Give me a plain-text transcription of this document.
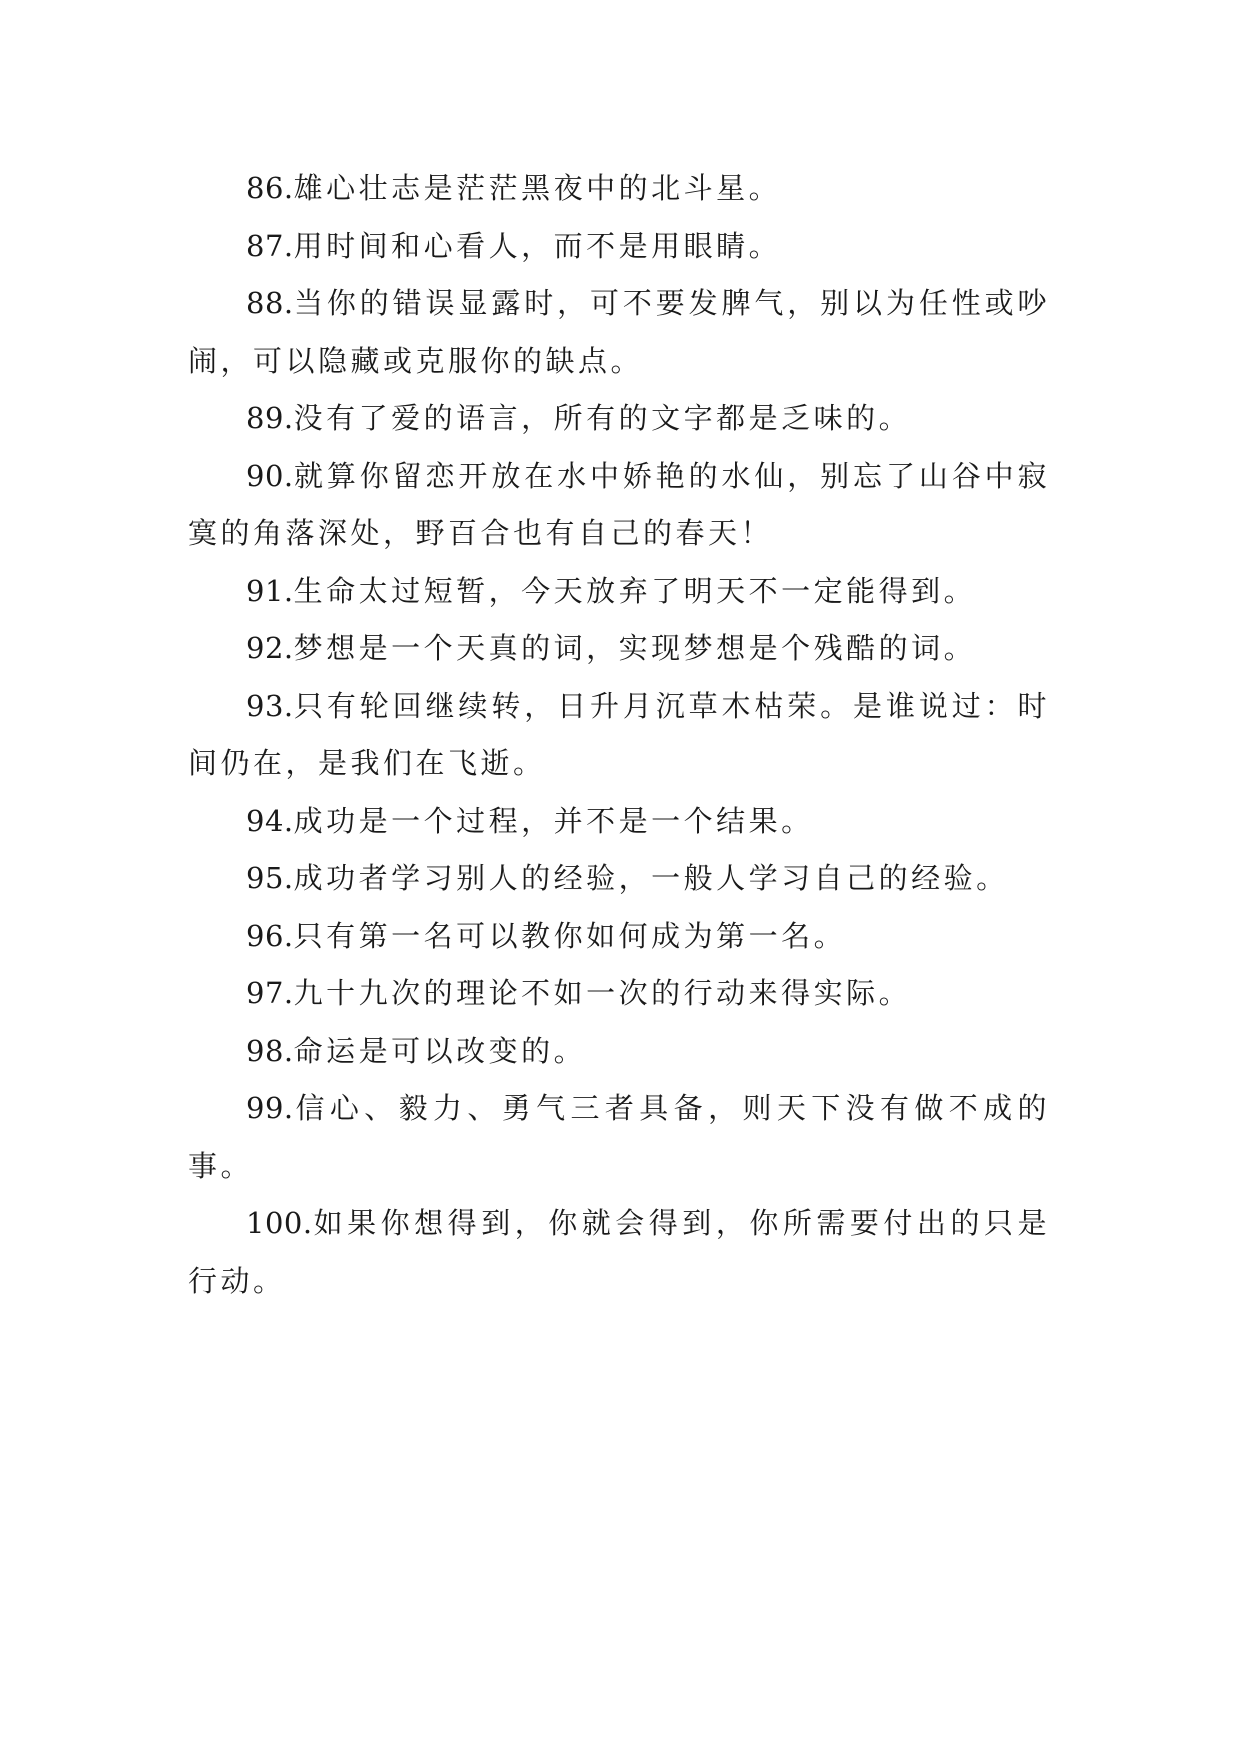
86.雄心壮志是茫茫黑夜中的北斗星。

87.用时间和心看人，而不是用眼睛。

88.当你的错误显露时，可不要发脾气，别以为任性或吵闹，可以隐藏或克服你的缺点。

89.没有了爱的语言，所有的文字都是乏味的。

90.就算你留恋开放在水中娇艳的水仙，别忘了山谷中寂寞的角落深处，野百合也有自己的春天！

91.生命太过短暂，今天放弃了明天不一定能得到。

92.梦想是一个天真的词，实现梦想是个残酷的词。

93.只有轮回继续转，日升月沉草木枯荣。是谁说过：时间仍在，是我们在飞逝。

94.成功是一个过程，并不是一个结果。

95.成功者学习别人的经验，一般人学习自己的经验。

96.只有第一名可以教你如何成为第一名。

97.九十九次的理论不如一次的行动来得实际。

98.命运是可以改变的。

99.信心、毅力、勇气三者具备，则天下没有做不成的事。

100.如果你想得到，你就会得到，你所需要付出的只是行动。
